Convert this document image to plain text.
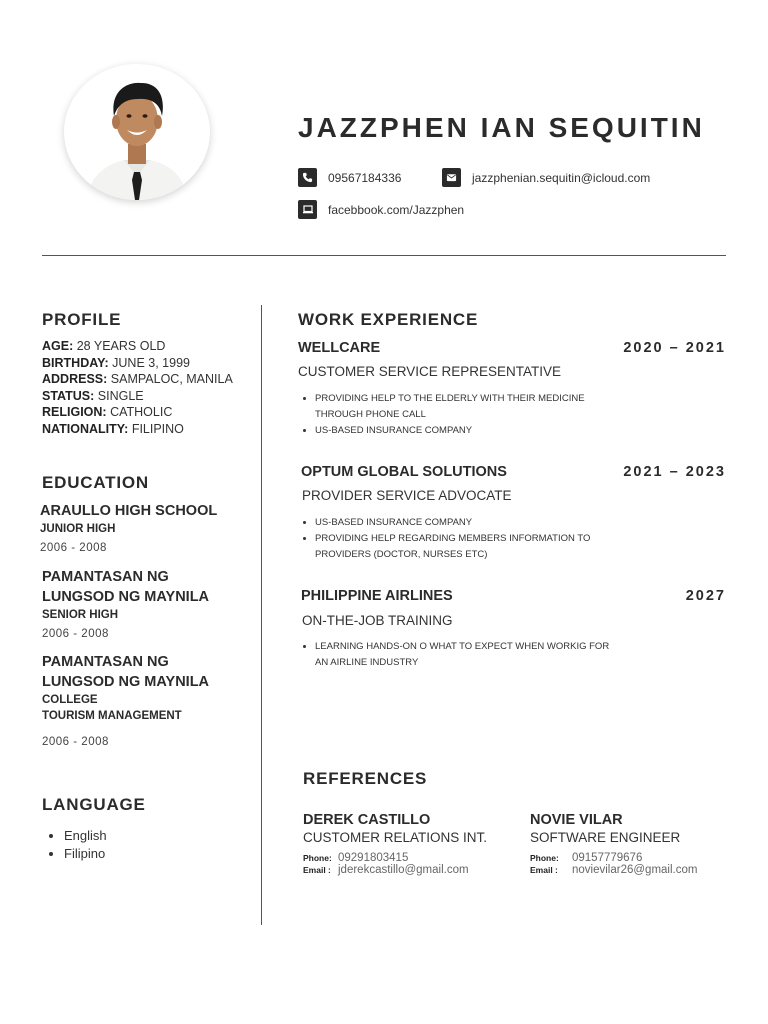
JAZZPHEN IAN SEQUITIN
09567184336	jazzphenian.sequitin@icloud.com
facebbook.com/Jazzphen
PROFILE
AGE: 28 YEARS OLD
BIRTHDAY: JUNE 3, 1999
ADDRESS: SAMPALOC, MANILA
STATUS: SINGLE
RELIGION: CATHOLIC
NATIONALITY: FILIPINO
EDUCATION
ARAULLO HIGH SCHOOL
JUNIOR HIGH
2006 - 2008
PAMANTASAN NG
LUNGSOD NG MAYNILA
SENIOR HIGH
2006 - 2008
PAMANTASAN NG
LUNGSOD NG MAYNILA
COLLEGE
TOURISM MANAGEMENT
2006 - 2008
LANGUAGE
• English
• Filipino
WORK EXPERIENCE
WELLCARE	2020 – 2021
CUSTOMER SERVICE REPRESENTATIVE
• PROVIDING HELP TO THE ELDERLY WITH THEIR MEDICINE THROUGH PHONE CALL
• US-BASED INSURANCE COMPANY
OPTUM GLOBAL SOLUTIONS	2021 – 2023
PROVIDER SERVICE ADVOCATE
• US-BASED INSURANCE COMPANY
• PROVIDING HELP REGARDING MEMBERS INFORMATION TO PROVIDERS (DOCTOR, NURSES ETC)
PHILIPPINE AIRLINES	2027
ON-THE-JOB TRAINING
• LEARNING HANDS-ON O WHAT TO EXPECT WHEN WORKIG FOR AN AIRLINE INDUSTRY
REFERENCES
DEREK CASTILLO
CUSTOMER RELATIONS INT.
Phone: 09291803415
Email : jderekcastillo@gmail.com
NOVIE VILAR
SOFTWARE ENGINEER
Phone:	09157779676
Email :	novievilar26@gmail.com
